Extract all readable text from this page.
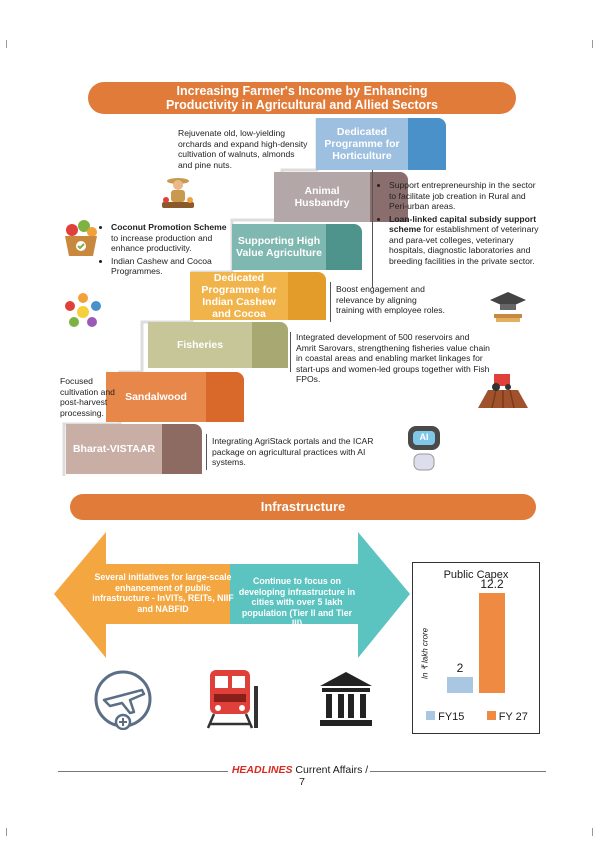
Increasing Farmer's Income by Enhancing
Productivity in Agricultural and Allied Sectors
Dedicated Programme for Horticulture
Animal Husbandry
Supporting High Value Agriculture
Dedicated Programme for Indian Cashew and Cocoa
Fisheries
Sandalwood
Bharat-VISTAAR
Rejuvenate old, low-yielding orchards and expand high-density cultivation of walnuts, almonds and pine nuts.
• Support entrepreneurship in the sector to facilitate job creation in Rural and Peri-urban areas.
• Loan-linked capital subsidy support scheme for establishment of veterinary and para-vet colleges, veterinary hospitals, diagnostic laboratories and breeding facilities in the private sector.
• Coconut Promotion Scheme to increase production and enhance productivity.
• Indian Cashew and Cocoa Programmes.
Boost engagement and relevance by aligning training with employee roles.
Integrated development of 500 reservoirs and Amrit Sarovars, strengthening fisheries value chain in coastal areas and enabling market linkages for start-ups and women-led groups together with Fish FPOs.
Focused cultivation and post-harvest processing.
Integrating AgriStack portals and the ICAR package on agricultural practices with AI systems.
AI
Infrastructure
Several initiatives for large-scale enhancement of public infrastructure - InVITs, REITs, NIIF and NABFID
Continue to focus on developing infrastructure in cities with over 5 lakh population (Tier II and Tier III)
Public Capex
In ₹ lakh crore	2
12.2
FY15	FY 27
HEADLINES Current Affairs / 7
